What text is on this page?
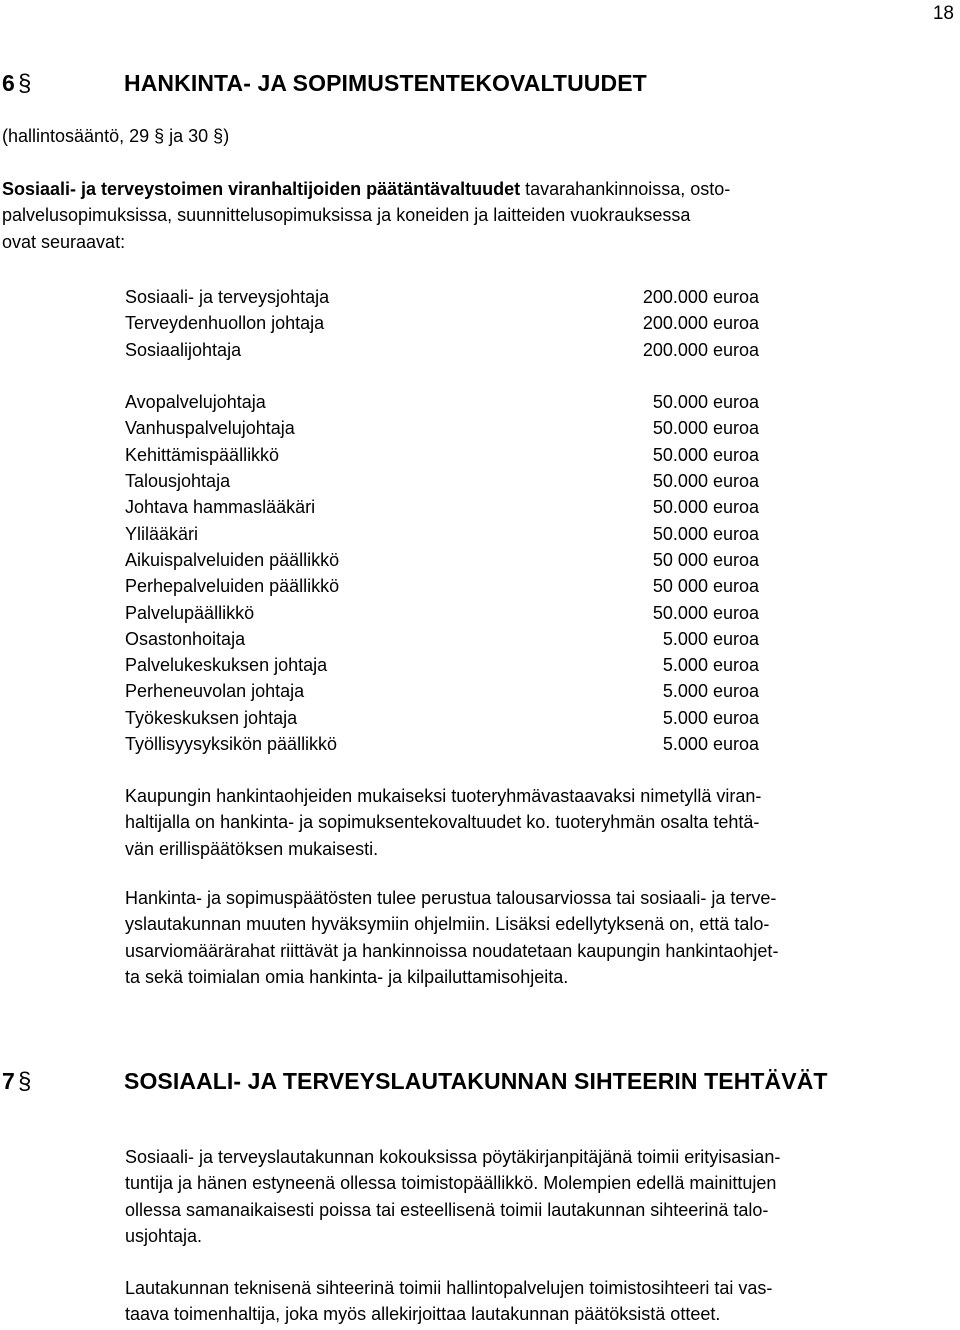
18
6 §	HANKINTA- JA SOPIMUSTENTEKOVALTUUDET
(hallintosääntö, 29 § ja 30 §)
Sosiaali- ja terveystoimen viranhaltijoiden päätäntävaltuudet tavarahankinnoissa, osto-
palvelusopimuksissa, suunnittelusopimuksissa ja koneiden ja laitteiden vuokrauksessa
ovat seuraavat:
Sosiaali- ja terveysjohtaja	200.000 euroa
Terveydenhuollon johtaja	200.000 euroa
Sosiaalijohtaja	200.000 euroa
Avopalvelujohtaja	50.000 euroa
Vanhuspalvelujohtaja	50.000 euroa
Kehittämispäällikkö	50.000 euroa
Talousjohtaja	50.000 euroa
Johtava hammaslääkäri	50.000 euroa
Ylilääkäri	50.000 euroa
Aikuispalveluiden päällikkö	50 000 euroa
Perhepalveluiden päällikkö	50 000 euroa
Palvelupäällikkö	50.000 euroa
Osastonhoitaja	5.000 euroa
Palvelukeskuksen johtaja	5.000 euroa
Perheneuvolan johtaja	5.000 euroa
Työkeskuksen johtaja	5.000 euroa
Työllisyysyksikön päällikkö	5.000 euroa
Kaupungin hankintaohjeiden mukaiseksi tuoteryhmävastaavaksi nimetyllä viran-
haltijalla on hankinta- ja sopimuksentekovaltuudet ko. tuoteryhmän osalta tehtä-
vän erillispäätöksen mukaisesti.
Hankinta- ja sopimuspäätösten tulee perustua talousarviossa tai sosiaali- ja terve-
yslautakunnan muuten hyväksymiin ohjelmiin. Lisäksi edellytyksenä on, että talo-
usarviomäärärahat riittävät ja hankinnoissa noudatetaan kaupungin hankintaohjet-
ta sekä toimialan omia hankinta- ja kilpailuttamisohjeita.
7 §	SOSIAALI- JA TERVEYSLAUTAKUNNAN SIHTEERIN TEHTÄVÄT
Sosiaali- ja terveyslautakunnan kokouksissa pöytäkirjanpitäjänä toimii erityisasian-
tuntija ja hänen estyneenä ollessa toimistopäällikkö. Molempien edellä mainittujen
ollessa samanaikaisesti poissa tai esteellisenä toimii lautakunnan sihteerinä talo-
usjohtaja.
Lautakunnan teknisenä sihteerinä toimii hallintopalvelujen toimistosihteeri tai vas-
taava toimenhaltija, joka myös allekirjoittaa lautakunnan päätöksistä otteet.
